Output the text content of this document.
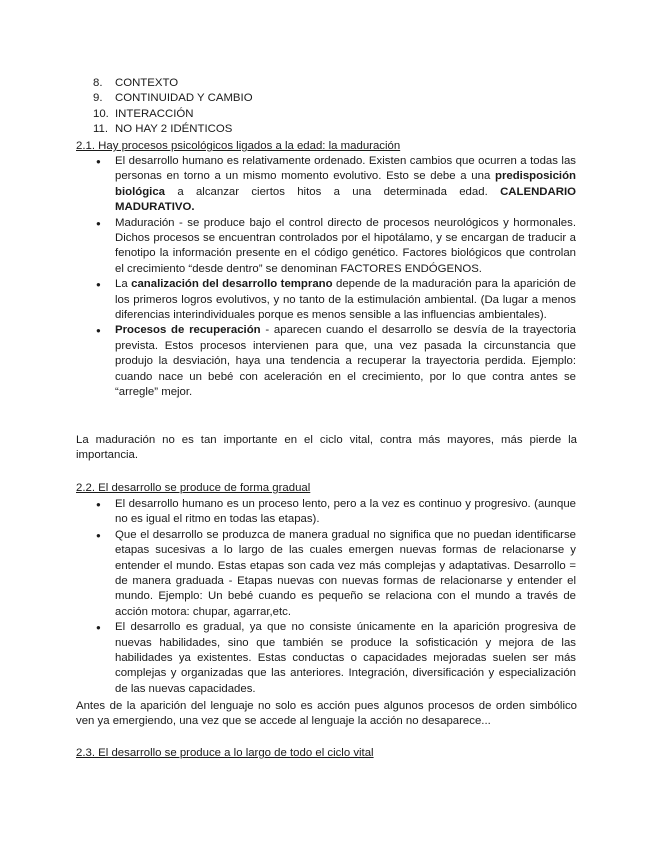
8. CONTEXTO
9. CONTINUIDAD Y CAMBIO
10. INTERACCIÓN
11. NO HAY 2 IDÉNTICOS
2.1. Hay procesos psicológicos ligados a la edad: la maduración
● El desarrollo humano es relativamente ordenado. Existen cambios que ocurren a todas las personas en torno a un mismo momento evolutivo. Esto se debe a una predisposición biológica a alcanzar ciertos hitos a una determinada edad. CALENDARIO MADURATIVO.
● Maduración - se produce bajo el control directo de procesos neurológicos y hormonales. Dichos procesos se encuentran controlados por el hipotálamo, y se encargan de traducir a fenotipo la información presente en el código genético. Factores biológicos que controlan el crecimiento “desde dentro” se denominan FACTORES ENDÓGENOS.
● La canalización del desarrollo temprano depende de la maduración para la aparición de los primeros logros evolutivos, y no tanto de la estimulación ambiental. (Da lugar a menos diferencias interindividuales porque es menos sensible a las influencias ambientales).
● Procesos de recuperación - aparecen cuando el desarrollo se desvía de la trayectoria prevista. Estos procesos intervienen para que, una vez pasada la circunstancia que produjo la desviación, haya una tendencia a recuperar la trayectoria perdida. Ejemplo: cuando nace un bebé con aceleración en el crecimiento, por lo que contra antes se “arregle” mejor.

La maduración no es tan importante en el ciclo vital, contra más mayores, más pierde la importancia.

2.2. El desarrollo se produce de forma gradual
● El desarrollo humano es un proceso lento, pero a la vez es continuo y progresivo. (aunque no es igual el ritmo en todas las etapas).
● Que el desarrollo se produzca de manera gradual no significa que no puedan identificarse etapas sucesivas a lo largo de las cuales emergen nuevas formas de relacionarse y entender el mundo. Estas etapas son cada vez más complejas y adaptativas. Desarrollo = de manera graduada - Etapas nuevas con nuevas formas de relacionarse y entender el mundo. Ejemplo: Un bebé cuando es pequeño se relaciona con el mundo a través de acción motora: chupar, agarrar,etc.
● El desarrollo es gradual, ya que no consiste únicamente en la aparición progresiva de nuevas habilidades, sino que también se produce la sofisticación y mejora de las habilidades ya existentes. Estas conductas o capacidades mejoradas suelen ser más complejas y organizadas que las anteriores. Integración, diversificación y especialización de las nuevas capacidades.

Antes de la aparición del lenguaje no solo es acción pues algunos procesos de orden simbólico ven ya emergiendo, una vez que se accede al lenguaje la acción no desaparece...

2.3. El desarrollo se produce a lo largo de todo el ciclo vital
